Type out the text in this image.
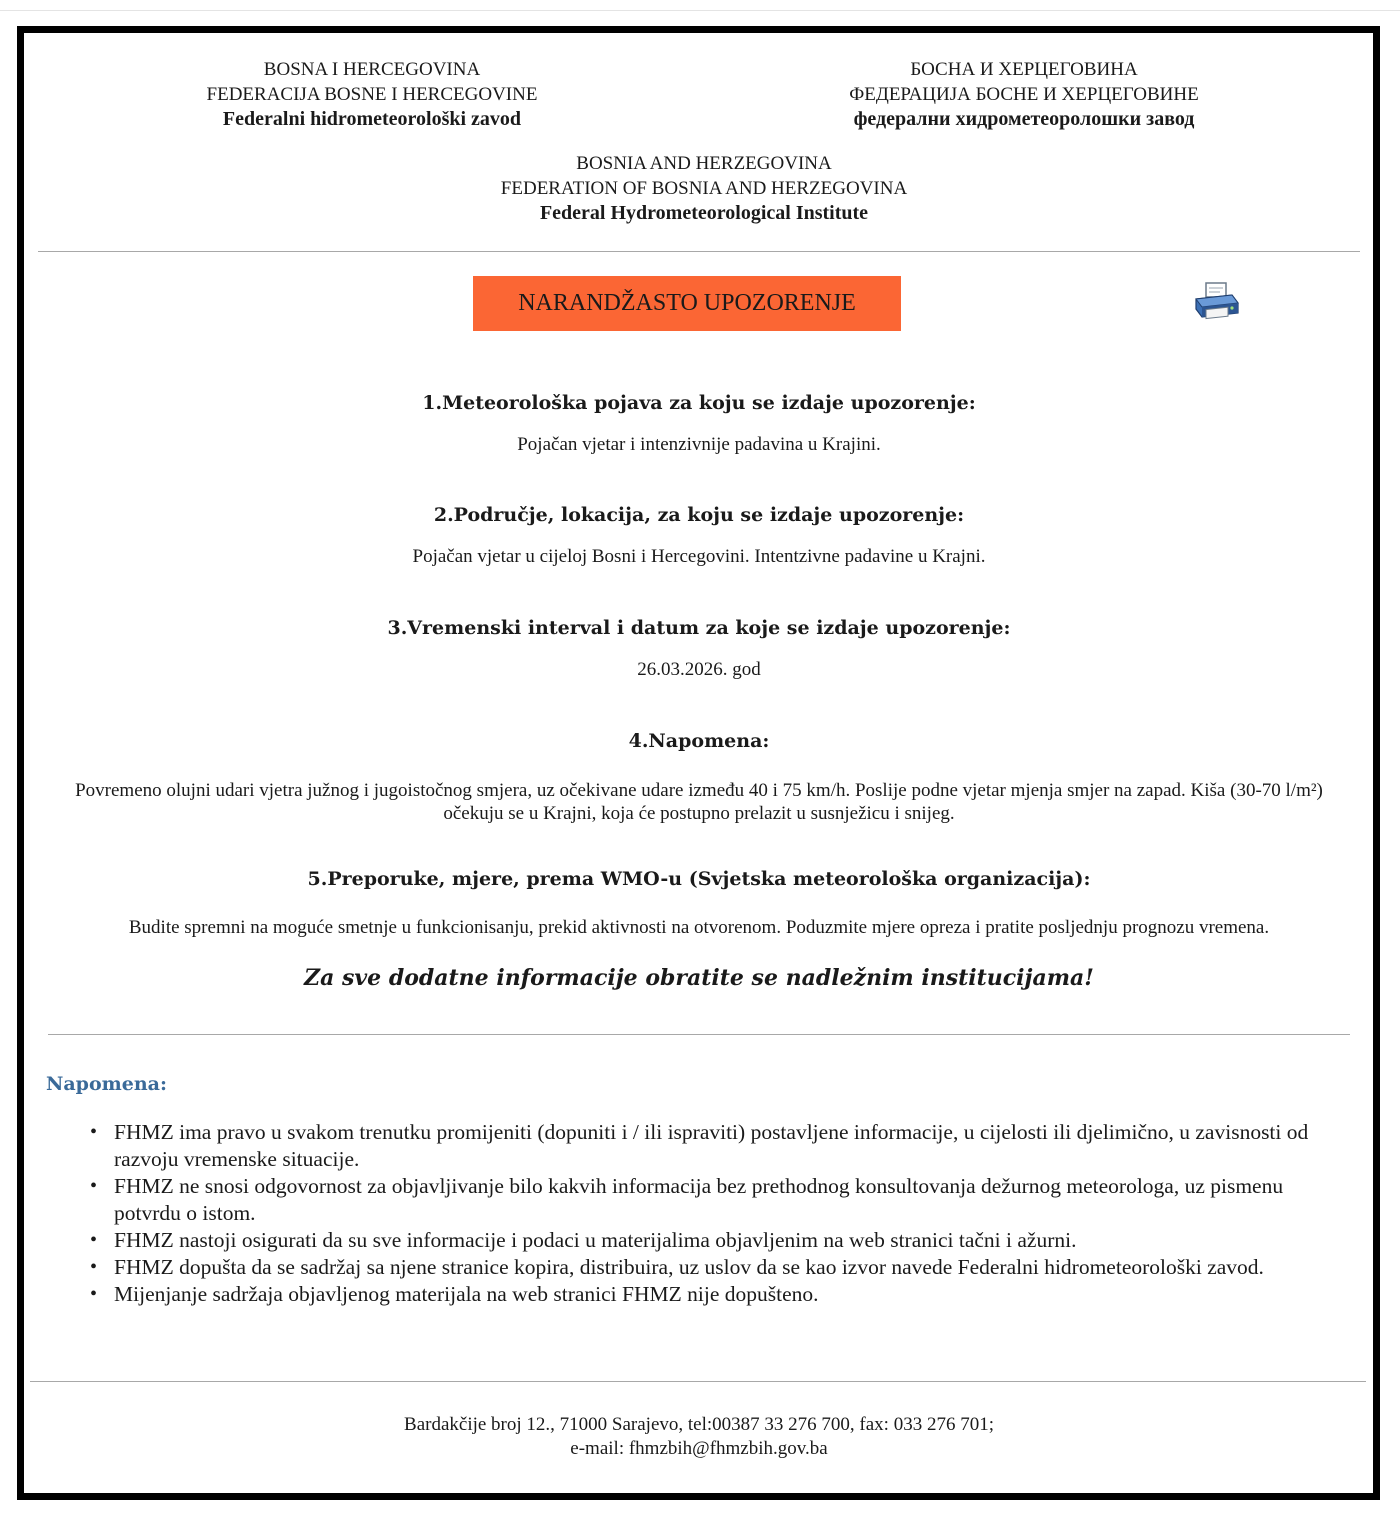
BOSNA I HERCEGOVINA
FEDERACIJA BOSNE I HERCEGOVINE
Federalni hidrometeorološki zavod
БОСНА И ХЕРЦЕГОВИНА
ФЕДЕРАЦИЈА БОСНЕ И ХЕРЦЕГОВИНЕ
федерални хидрометеоролошки завод
BOSNIA AND HERZEGOVINA
FEDERATION OF BOSNIA AND HERZEGOVINA
Federal Hydrometeorological Institute
NARANDŽASTO UPOZORENJE
1.Meteorološka pojava za koju se izdaje upozorenje:
Pojačan vjetar i intenzivnije padavina u Krajini.
2.Područje, lokacija, za koju se izdaje upozorenje:
Pojačan vjetar u cijeloj Bosni i Hercegovini. Intentzivne padavine u Krajni.
3.Vremenski interval i datum za koje se izdaje upozorenje:
26.03.2026. god
4.Napomena:
Povremeno olujni udari vjetra južnog i jugoistočnog smjera, uz očekivane udare između 40 i 75 km/h. Poslije podne vjetar mjenja smjer na zapad. Kiša (30-70 l/m²) očekuju se u Krajni, koja će postupno prelazit u susnježicu i snijeg.
5.Preporuke, mjere, prema WMO-u (Svjetska meteorološka organizacija):
Budite spremni na moguće smetnje u funkcionisanju, prekid aktivnosti na otvorenom. Poduzmite mjere opreza i pratite posljednju prognozu vremena.
Za sve dodatne informacije obratite se nadležnim institucijama!
Napomena:
• FHMZ ima pravo u svakom trenutku promijeniti (dopuniti i / ili ispraviti) postavljene informacije, u cijelosti ili djelimično, u zavisnosti od razvoju vremenske situacije.
• FHMZ ne snosi odgovornost za objavljivanje bilo kakvih informacija bez prethodnog konsultovanja dežurnog meteorologa, uz pismenu potvrdu o istom.
• FHMZ nastoji osigurati da su sve informacije i podaci u materijalima objavljenim na web stranici tačni i ažurni.
• FHMZ dopušta da se sadržaj sa njene stranice kopira, distribuira, uz uslov da se kao izvor navede Federalni hidrometeorološki zavod.
• Mijenjanje sadržaja objavljenog materijala na web stranici FHMZ nije dopušteno.
Bardakčije broj 12., 71000 Sarajevo, tel:00387 33 276 700, fax: 033 276 701;
e-mail: fhmzbih@fhmzbih.gov.ba
